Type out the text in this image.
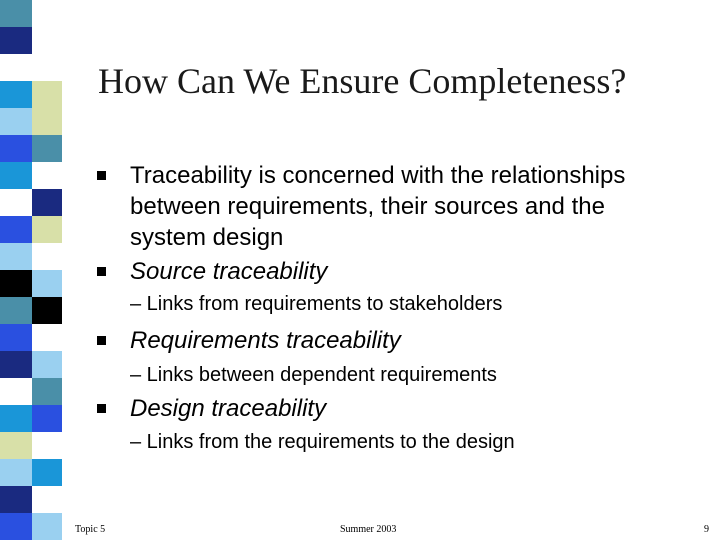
How Can We Ensure Completeness?
Traceability is concerned with the relationships between requirements, their sources and the system design
Source traceability
– Links from requirements to stakeholders
Requirements traceability
– Links between dependent requirements
Design traceability
– Links from the requirements to the design
Topic 5	Summer 2003	9
